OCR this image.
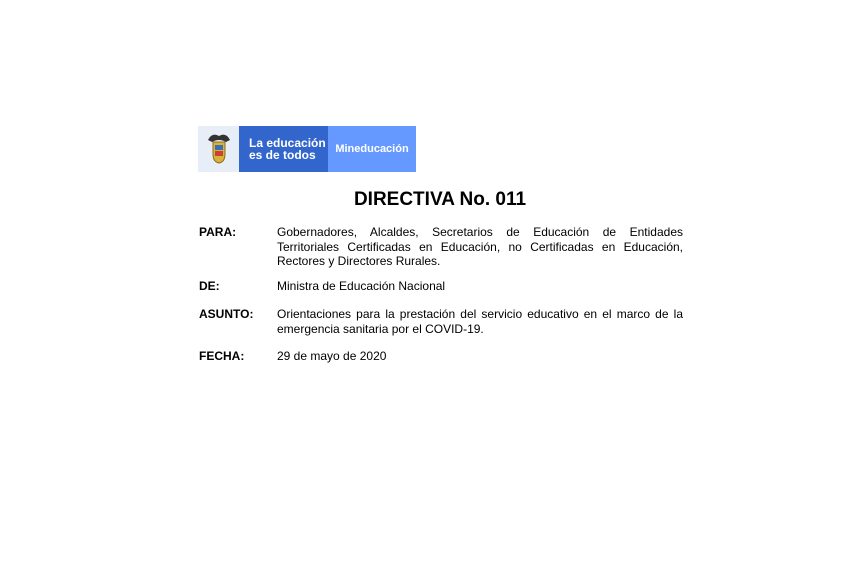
La educación
es de todos	Mineducación
DIRECTIVA No. 011
PARA:	Gobernadores, Alcaldes, Secretarios de Educación de Entidades Territoriales Certificadas en Educación, no Certificadas en Educación, Rectores y Directores Rurales.
DE:	Ministra de Educación Nacional
ASUNTO: Orientaciones para la prestación del servicio educativo en el marco de la emergencia sanitaria por el COVID-19.
FECHA:	29 de mayo de 2020
